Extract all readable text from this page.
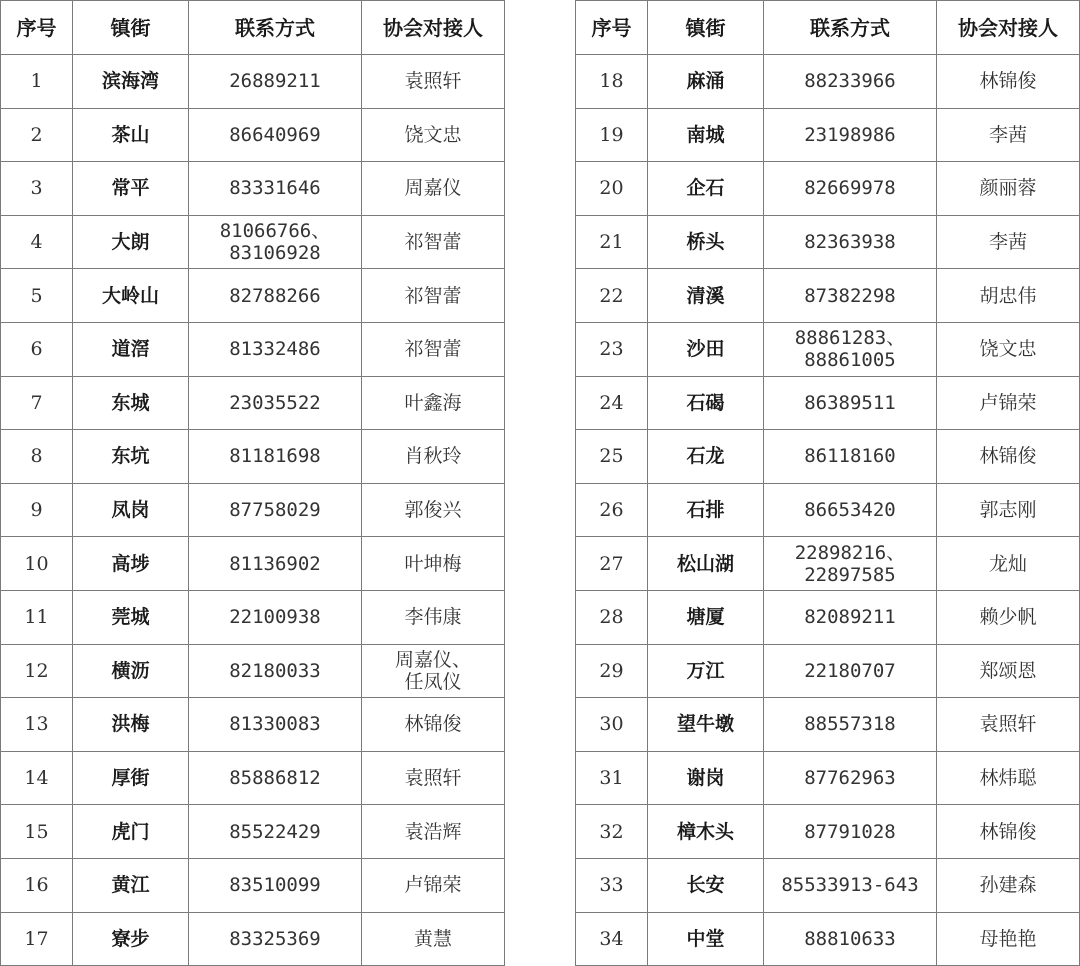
序号	镇街	联系方式	协会对接人
1	滨海湾	26889211	袁照轩

2	茶山	86640969	饶文忠

3	常平	83331646	周嘉仪

4	大朗	81066766、
83106928	祁智蕾

5	大岭山	82788266	祁智蕾

6	道滘	81332486	祁智蕾

7	东城	23035522	叶鑫海

8	东坑	81181698	肖秋玲

9	凤岗	87758029	郭俊兴

10	高埗	81136902	叶坤梅

11	莞城	22100938	李伟康

12	横沥	82180033	周嘉仪、
任凤仪

13	洪梅	81330083	林锦俊

14	厚街	85886812	袁照轩

15	虎门	85522429	袁浩辉

16	黄江	83510099	卢锦荣

17	寮步	83325369	黄慧
序号	镇街	联系方式	协会对接人
18	麻涌	88233966	林锦俊

19	南城	23198986	李茜

20	企石	82669978	颜丽蓉

21	桥头	82363938	李茜

22	清溪	87382298	胡忠伟

23	沙田	88861283、
88861005	饶文忠

24	石碣	86389511	卢锦荣

25	石龙	86118160	林锦俊

26	石排	86653420	郭志刚

27	松山湖	22898216、
22897585	龙灿

28	塘厦	82089211	赖少帆

29	万江	22180707	郑颂恩

30	望牛墩	88557318	袁照轩

31	谢岗	87762963	林炜聪

32	樟木头	87791028	林锦俊

33	长安	85533913-643	孙建森

34	中堂	88810633	母艳艳
